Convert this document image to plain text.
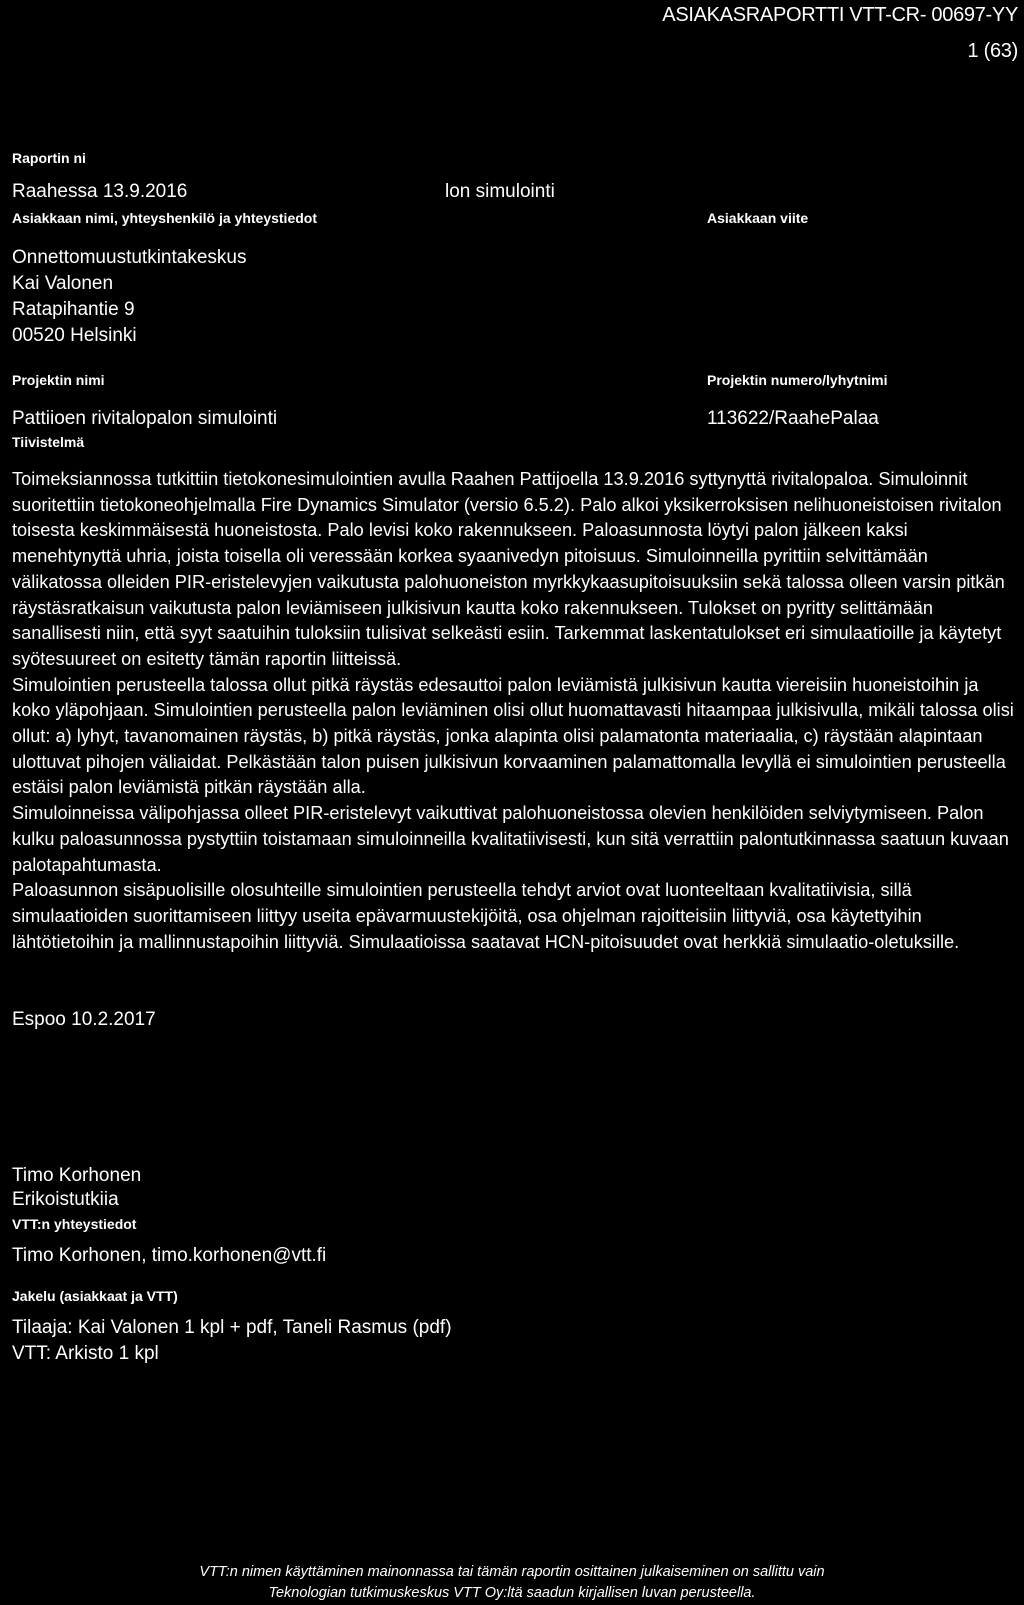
ASIAKASRAPORTTI VTT-CR- 00697-YY
1 (63)
Raportin ni
Raahessa 13.9.2016	lon simulointi
Asiakkaan nimi, yhteyshenkilö ja yhteystiedot	Asiakkaan viite
Onnettomuustutkintakeskus
Kai Valonen
Ratapihantie 9
00520 Helsinki
Projektin nimi	Projektin numero/lyhytnimi
Pattiioen rivitalopalon simulointi	113622/RaahePalaa
Tiivistelmä

Toimeksiannossa tutkittiin tietokonesimulointien avulla Raahen Pattijoella 13.9.2016 syttynyttä rivitalopaloa. Simuloinnit suoritettiin tietokoneohjelmalla Fire Dynamics Simulator (versio 6.5.2). Palo alkoi yksikerroksisen nelihuoneistoisen rivitalon toisesta keskimmäisestä huoneistosta. Palo levisi koko rakennukseen. Paloasunnosta löytyi palon jälkeen kaksi menehtynyttä uhria, joista toisella oli veressään korkea syaanivedyn pitoisuus. Simuloinneilla pyrittiin selvittämään välikatossa olleiden PIR-eristelevyjen vaikutusta palohuoneiston myrkkykaasupitoisuuksiin sekä talossa olleen varsin pitkän räystäsratkaisun vaikutusta palon leviämiseen julkisivun kautta koko rakennukseen. Tulokset on pyritty selittämään sanallisesti niin, että syyt saatuihin tuloksiin tulisivat selkeästi esiin. Tarkemmat laskentatulokset eri simulaatioille ja käytetyt syötesuureet on esitetty tämän raportin liitteissä.

Simulointien perusteella talossa ollut pitkä räystäs edesauttoi palon leviämistä julkisivun kautta viereisiin huoneistoihin ja koko yläpohjaan. Simulointien perusteella palon leviäminen olisi ollut huomattavasti hitaampaa julkisivulla, mikäli talossa olisi ollut: a) lyhyt, tavanomainen räystäs, b) pitkä räystäs, jonka alapinta olisi palamatonta materiaalia, c) räystään alapintaan ulottuvat pihojen väliaidat. Pelkästään talon puisen julkisivun korvaaminen palamattomalla levyllä ei simulointien perusteella estäisi palon leviämistä pitkän räystään alla.

Simuloinneissa välipohjassa olleet PIR-eristelevyt vaikuttivat palohuoneistossa olevien henkilöiden selviytymiseen. Palon kulku paloasunnossa pystyttiin toistamaan simuloinneilla kvalitatiivisesti, kun sitä verrattiin palontutkinnassa saatuun kuvaan palotapahtumasta.

Paloasunnon sisäpuolisille olosuhteille simulointien perusteella tehdyt arviot ovat luonteeltaan kvalitatiivisia, sillä simulaatioiden suorittamiseen liittyy useita epävarmuustekijöitä, osa ohjelman rajoitteisiin liittyviä, osa käytettyihin lähtötietoihin ja mallinnustapoihin liittyviä. Simulaatioissa saatavat HCN-pitoisuudet ovat herkkiä simulaatio-oletuksille.

Espoo 10.2.2017
Timo Korhonen
Erikoistutkiia
VTT:n yhteystiedot
Timo Korhonen, timo.korhonen@vtt.fi
Jakelu (asiakkaat ja VTT)
Tilaaja: Kai Valonen 1 kpl + pdf, Taneli Rasmus (pdf)
VTT: Arkisto 1 kpl
VTT:n nimen käyttäminen mainonnassa tai tämän raportin osittainen julkaiseminen on sallittu vain
Teknologian tutkimuskeskus VTT Oy:ltä saadun kirjallisen luvan perusteella.
